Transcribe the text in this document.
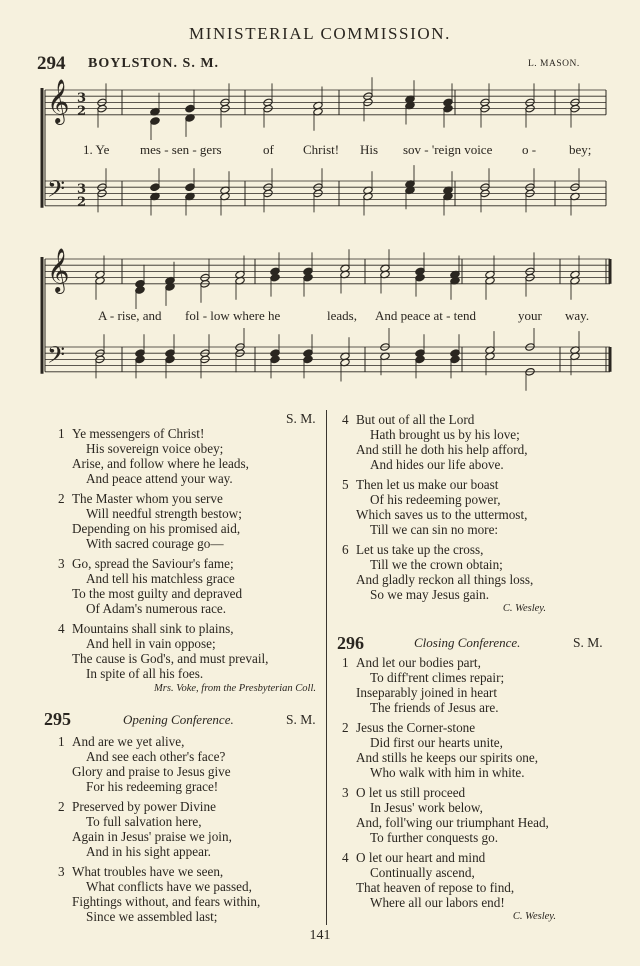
MINISTERIAL COMMISSION.
294 BOYLSTON. S. M.	L. MASON.
𝄞
𝄢
3
2
3
2
𝄞
𝄢
1. Ye mes - sen - gers	of Christ! His sov - 'reign voice o -	bey;
A - rise, and fol - low where he	leads, And peace at - tend	your way.
S. M.
1 Ye messengers of Christ!
His sovereign voice obey;
Arise, and follow where he leads,
And peace attend your way.
2 The Master whom you serve
Will needful strength bestow;
Depending on his promised aid,
With sacred courage go—
3 Go, spread the Saviour's fame;
And tell his matchless grace
To the most guilty and depraved
Of Adam's numerous race.
4 Mountains shall sink to plains,
And hell in vain oppose;
The cause is God's, and must prevail,
In spite of all his foes.
Mrs. Voke, from the Presbyterian Coll.
295	Opening Conference.	S. M.
1 And are we yet alive,
And see each other's face?
Glory and praise to Jesus give
For his redeeming grace!
2 Preserved by power Divine
To full salvation here,
Again in Jesus' praise we join,
And in his sight appear.
3 What troubles have we seen,
What conflicts have we passed,
Fightings without, and fears within,
Since we assembled last;
4 But out of all the Lord
Hath brought us by his love;
And still he doth his help afford,
And hides our life above.
5 Then let us make our boast
Of his redeeming power,
Which saves us to the uttermost,
Till we can sin no more:
6 Let us take up the cross,
Till we the crown obtain;
And gladly reckon all things loss,
So we may Jesus gain.
C. Wesley.
296	Closing Conference.	S. M.
1 And let our bodies part,
To diff'rent climes repair;
Inseparably joined in heart
The friends of Jesus are.
2 Jesus the Corner-stone
Did first our hearts unite,
And stills he keeps our spirits one,
Who walk with him in white.
3 O let us still proceed
In Jesus' work below,
And, foll'wing our triumphant Head,
To further conquests go.
4 O let our heart and mind
Continually ascend,
That heaven of repose to find,
Where all our labors end!
C. Wesley.
141
